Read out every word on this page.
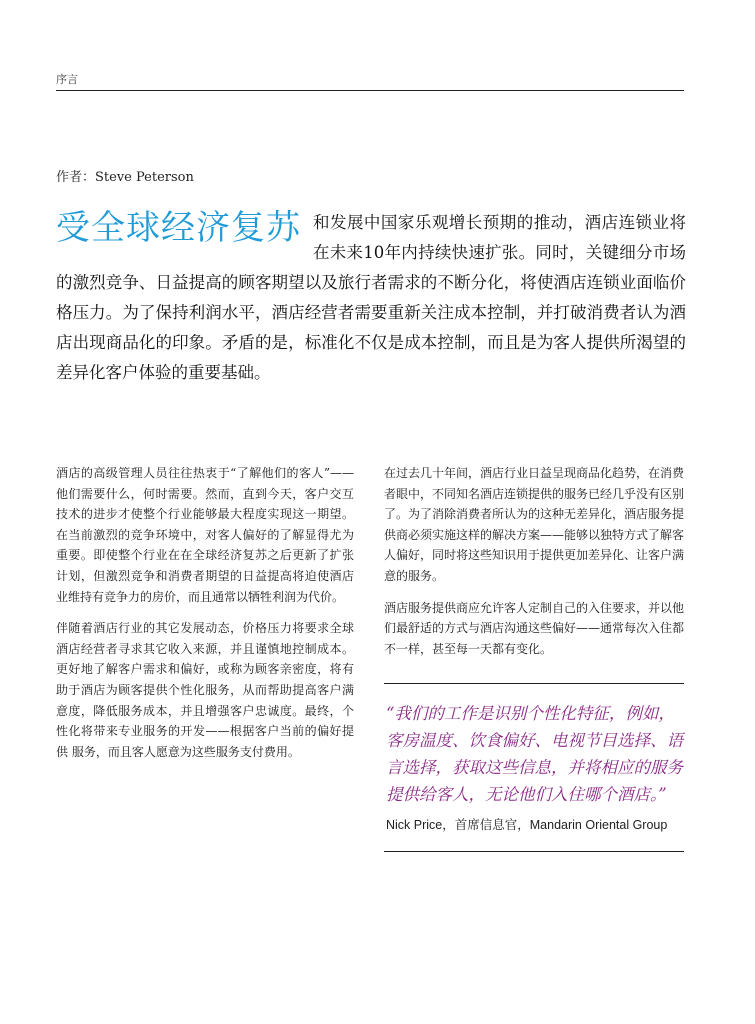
序言
作者：Steve Peterson
受全球经济复苏 和发展中国家乐观增长预期的推动，酒店连锁业将在未来10年内持续快速扩张。同时，关键细分市场的激烈竞争、日益提高的顾客期望以及旅行者需求的不断分化，将使酒店连锁业面临价格压力。为了保持利润水平，酒店经营者需要重新关注成本控制，并打破消费者认为酒店出现商品化的印象。矛盾的是，标准化不仅是成本控制，而且是为客人提供所渴望的差异化客户体验的重要基础。

酒店的高级管理人员往往热衷于“了解他们的客人”——他们需要什么，何时需要。然而，直到今天，客户交互技术的进步才使整个行业能够最大程度实现这一期望。在当前激烈的竞争环境中，对客人偏好的了解显得尤为重要。即使整个行业在在全球经济复苏之后更新了扩张计划，但激烈竞争和消费者期望的日益提高将迫使酒店业维持有竞争力的房价，而且通常以牺牲利润为代价。

伴随着酒店行业的其它发展动态，价格压力将要求全球酒店经营者寻求其它收入来源，并且谨慎地控制成本。更好地了解客户需求和偏好，或称为顾客亲密度，将有助于酒店为顾客提供个性化服务，从而帮助提高客户满意度，降低服务成本，并且增强客户忠诚度。最终，个性化将带来专业服务的开发——根据客户当前的偏好提供 服务，而且客人愿意为这些服务支付费用。

在过去几十年间，酒店行业日益呈现商品化趋势，在消费者眼中，不同知名酒店连锁提供的服务已经几乎没有区别了。为了消除消费者所认为的这种无差异化，酒店服务提供商必须实施这样的解决方案——能够以独特方式了解客人偏好，同时将这些知识用于提供更加差异化、让客户满意的服务。

酒店服务提供商应允许客人定制自己的入住要求，并以他们最舒适的方式与酒店沟通这些偏好——通常每次入住都不一样，甚至每一天都有变化。

“我们的工作是识别个性化特征，例如，客房温度、饮食偏好、电视节目选择、语言选择，获取这些信息，并将相应的服务提供给客人，无论他们入住哪个酒店。”
Nick Price，首席信息官，Mandarin Oriental Group
